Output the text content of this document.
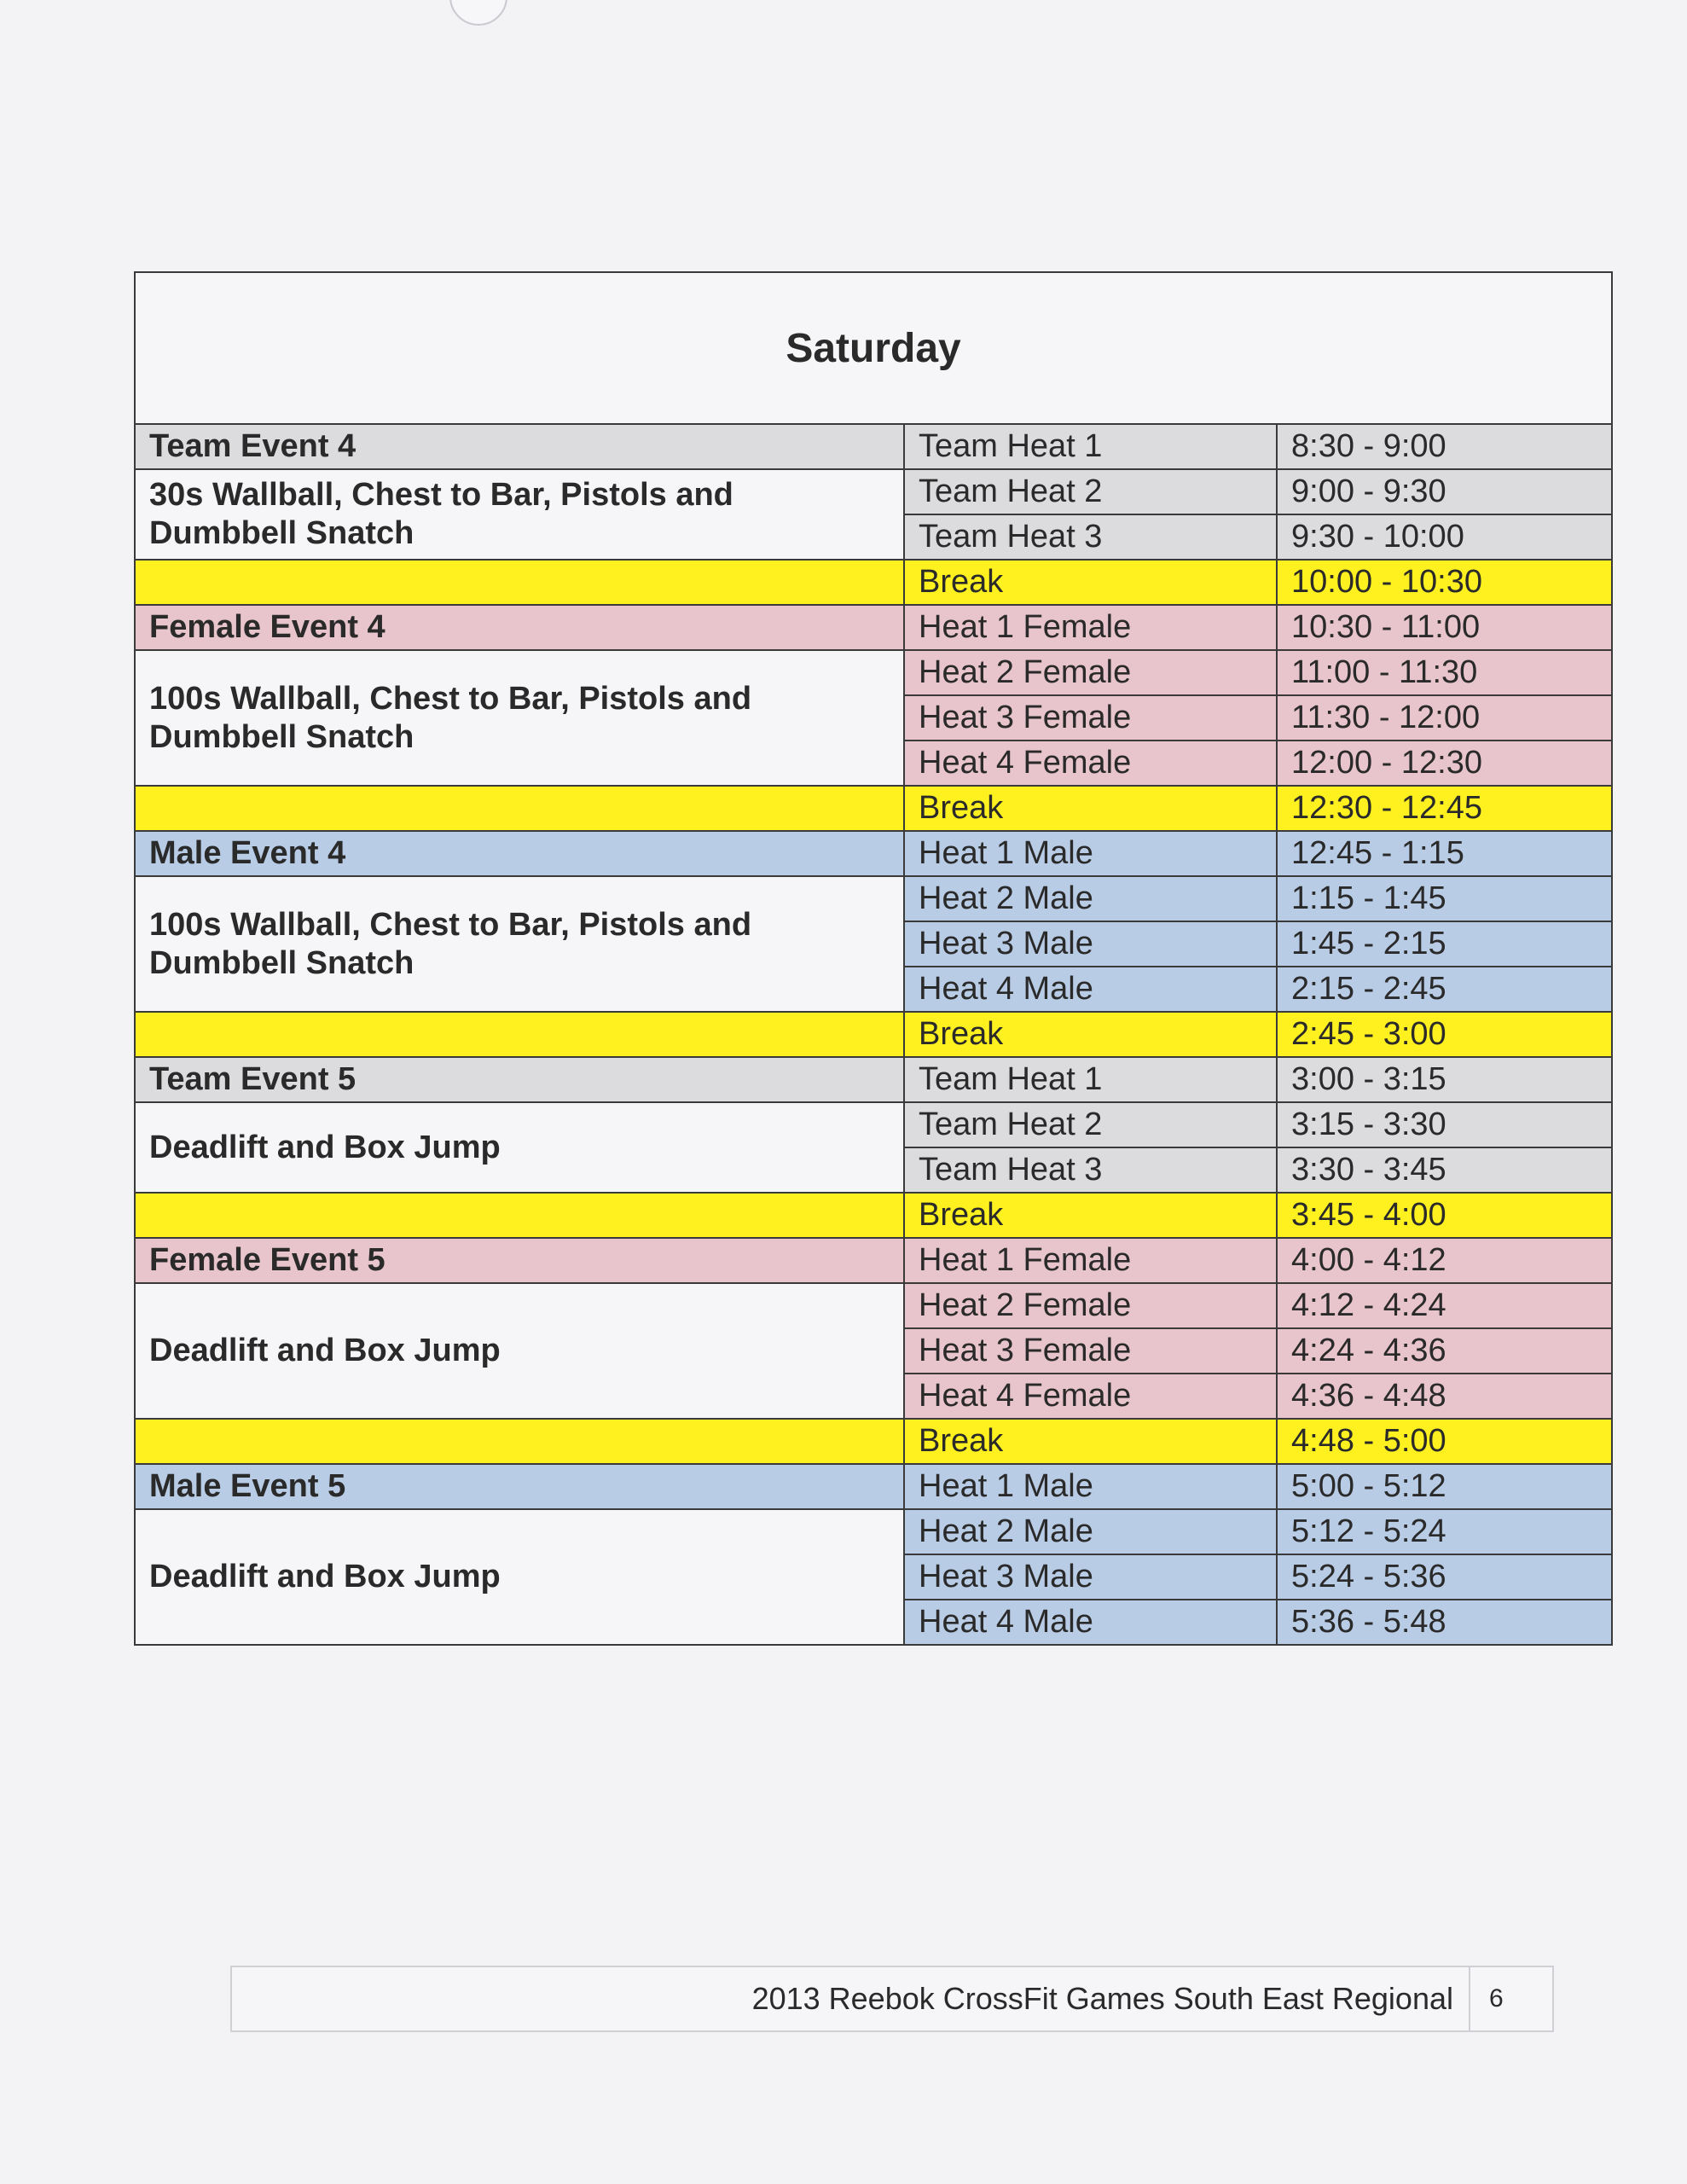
Saturday		
Team Event 4	Team Heat 1	8:30 - 9:00
30s Wallball, Chest to Bar, Pistols and Dumbbell Snatch	Team Heat 2	9:00 - 9:30
	Team Heat 3	9:30 - 10:00
	Break	10:00 - 10:30
Female Event 4	Heat 1 Female	10:30 - 11:00
100s Wallball, Chest to Bar, Pistols and Dumbbell Snatch	Heat 2 Female	11:00 - 11:30
	Heat 3 Female	11:30 - 12:00
	Heat 4 Female	12:00 - 12:30
	Break	12:30 - 12:45
Male Event 4	Heat 1 Male	12:45 - 1:15
100s Wallball, Chest to Bar, Pistols and Dumbbell Snatch	Heat 2 Male	1:15 - 1:45
	Heat 3 Male	1:45 - 2:15
	Heat 4 Male	2:15 - 2:45
	Break	2:45 - 3:00
Team Event 5	Team Heat 1	3:00 - 3:15
Deadlift and Box Jump	Team Heat 2	3:15 - 3:30
	Team Heat 3	3:30 - 3:45
	Break	3:45 - 4:00
Female Event 5	Heat 1 Female	4:00 - 4:12
Deadlift and Box Jump	Heat 2 Female	4:12 - 4:24
	Heat 3 Female	4:24 - 4:36
	Heat 4 Female	4:36 - 4:48
	Break	4:48 - 5:00
Male Event 5	Heat 1 Male	5:00 - 5:12
Deadlift and Box Jump	Heat 2 Male	5:12 - 5:24
	Heat 3 Male	5:24 - 5:36
	Heat 4 Male	5:36 - 5:48
2013 Reebok CrossFit Games South East Regional	6
